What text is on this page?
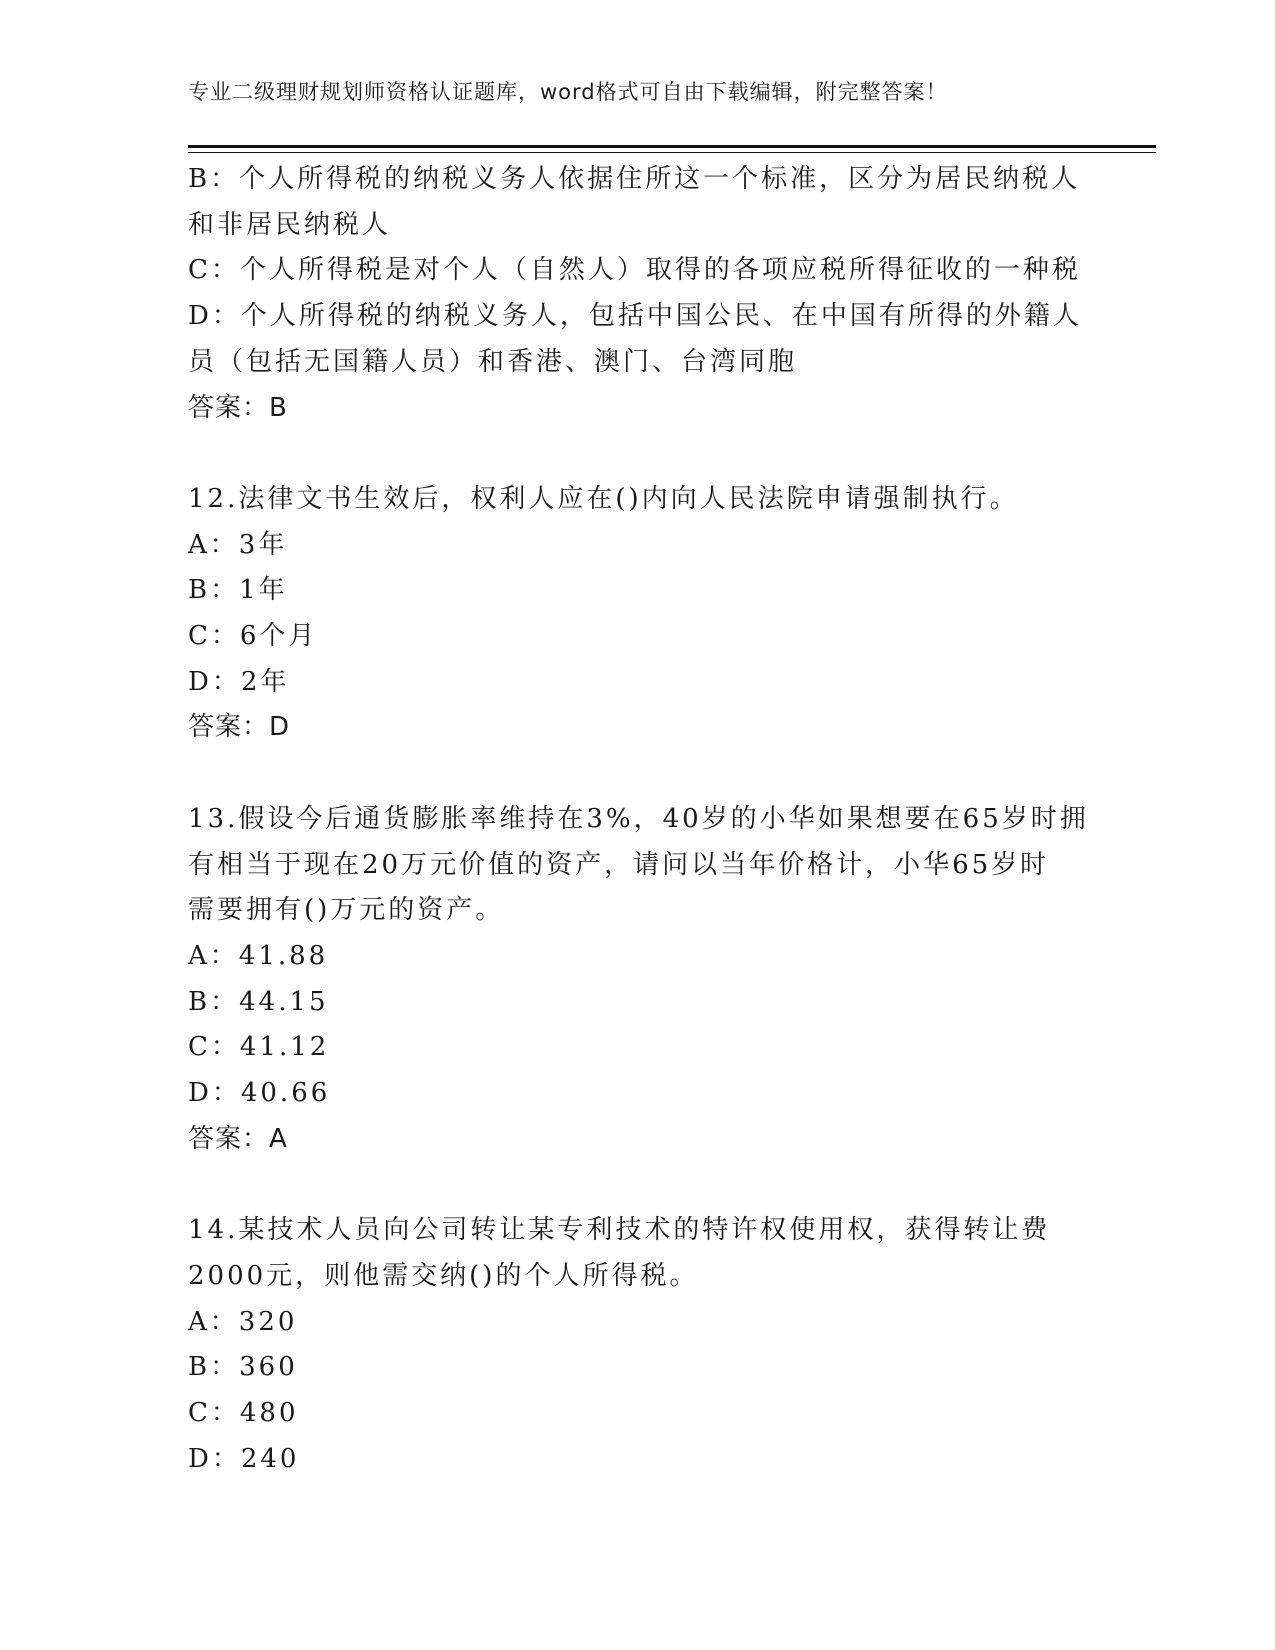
专业二级理财规划师资格认证题库，word格式可自由下载编辑，附完整答案！
B：个人所得税的纳税义务人依据住所这一个标准，区分为居民纳税人
和非居民纳税人
C：个人所得税是对个人（自然人）取得的各项应税所得征收的一种税
D：个人所得税的纳税义务人，包括中国公民、在中国有所得的外籍人
员（包括无国籍人员）和香港、澳门、台湾同胞
答案：B
12.法律文书生效后，权利人应在()内向人民法院申请强制执行。
A：3年
B：1年
C：6个月
D：2年
答案：D
13.假设今后通货膨胀率维持在3%，40岁的小华如果想要在65岁时拥
有相当于现在20万元价值的资产，请问以当年价格计，小华65岁时
需要拥有()万元的资产。
A：41.88
B：44.15
C：41.12
D：40.66
答案：A
14.某技术人员向公司转让某专利技术的特许权使用权，获得转让费
2000元，则他需交纳()的个人所得税。
A：320
B：360
C：480
D：240
